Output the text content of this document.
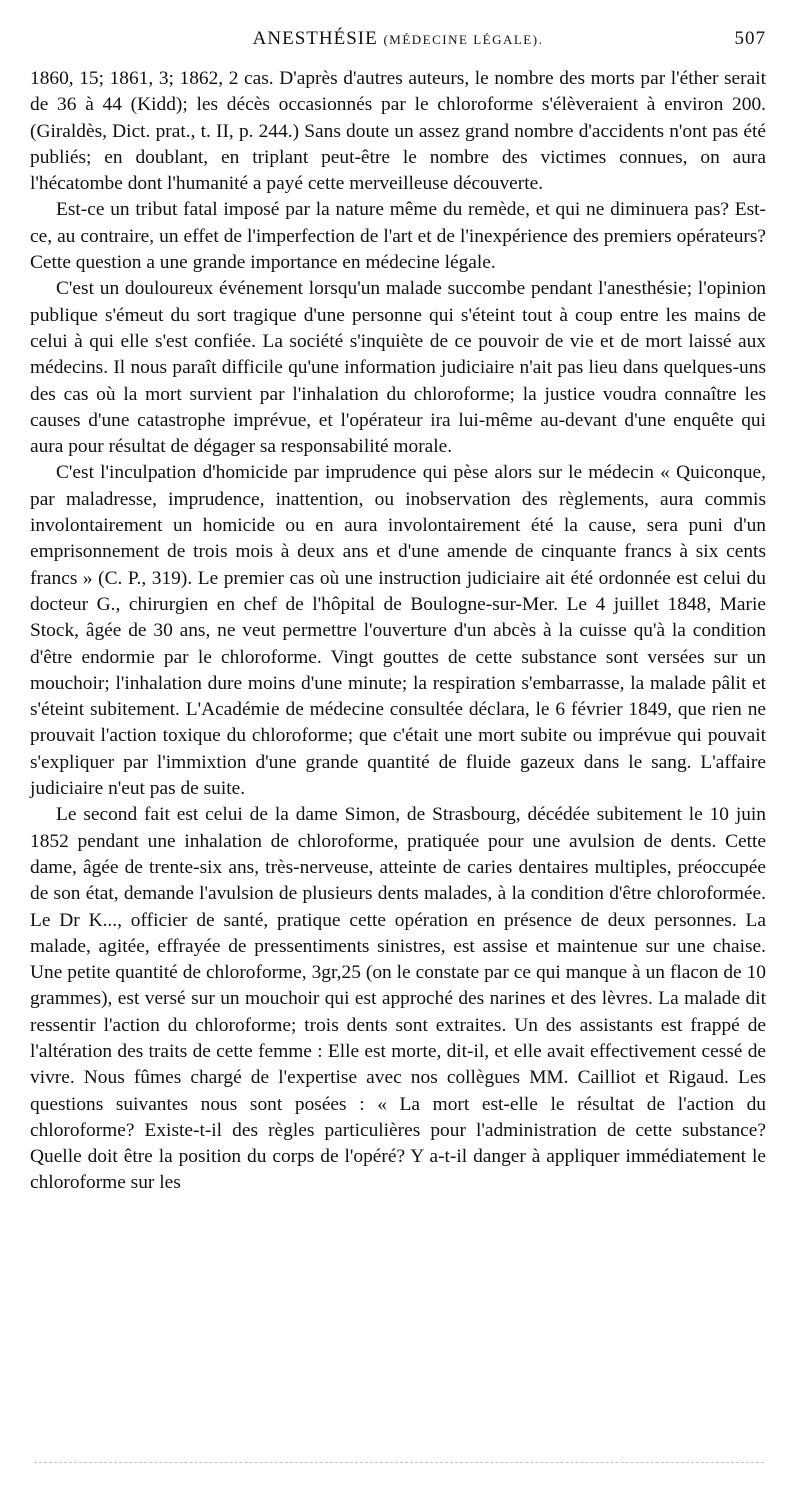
ANESTHÉSIE (MÉDECINE LÉGALE).	507

1860, 15; 1861, 3; 1862, 2 cas. D'après d'autres auteurs, le nombre des morts par l'éther serait de 36 à 44 (Kidd); les décès occasionnés par le chloroforme s'élèveraient à environ 200. (Giraldès, Dict. prat., t. II, p. 244.) Sans doute un assez grand nombre d'accidents n'ont pas été publiés; en doublant, en triplant peut-être le nombre des victimes connues, on aura l'hécatombe dont l'humanité a payé cette merveilleuse découverte.

Est-ce un tribut fatal imposé par la nature même du remède, et qui ne diminuera pas? Est-ce, au contraire, un effet de l'imperfection de l'art et de l'inexpérience des premiers opérateurs? Cette question a une grande importance en médecine légale.

C'est un douloureux événement lorsqu'un malade succombe pendant l'anesthésie; l'opinion publique s'émeut du sort tragique d'une personne qui s'éteint tout à coup entre les mains de celui à qui elle s'est confiée. La société s'inquiète de ce pouvoir de vie et de mort laissé aux médecins. Il nous paraît difficile qu'une information judiciaire n'ait pas lieu dans quelques-uns des cas où la mort survient par l'inhalation du chloroforme; la justice voudra connaître les causes d'une catastrophe imprévue, et l'opérateur ira lui-même au-devant d'une enquête qui aura pour résultat de dégager sa responsabilité morale.

C'est l'inculpation d'homicide par imprudence qui pèse alors sur le médecin « Quiconque, par maladresse, imprudence, inattention, ou inobservation des règlements, aura commis involontairement un homicide ou en aura involontairement été la cause, sera puni d'un emprisonnement de trois mois à deux ans et d'une amende de cinquante francs à six cents francs » (C. P., 319). Le premier cas où une instruction judiciaire ait été ordonnée est celui du docteur G., chirurgien en chef de l'hôpital de Boulogne-sur-Mer. Le 4 juillet 1848, Marie Stock, âgée de 30 ans, ne veut permettre l'ouverture d'un abcès à la cuisse qu'à la condition d'être endormie par le chloroforme. Vingt gouttes de cette substance sont versées sur un mouchoir; l'inhalation dure moins d'une minute; la respiration s'embarrasse, la malade pâlit et s'éteint subitement. L'Académie de médecine consultée déclara, le 6 février 1849, que rien ne prouvait l'action toxique du chloroforme; que c'était une mort subite ou imprévue qui pouvait s'expliquer par l'immixtion d'une grande quantité de fluide gazeux dans le sang. L'affaire judiciaire n'eut pas de suite.

Le second fait est celui de la dame Simon, de Strasbourg, décédée subitement le 10 juin 1852 pendant une inhalation de chloroforme, pratiquée pour une avulsion de dents. Cette dame, âgée de trente-six ans, très-nerveuse, atteinte de caries dentaires multiples, préoccupée de son état, demande l'avulsion de plusieurs dents malades, à la condition d'être chloroformée. Le Dr K..., officier de santé, pratique cette opération en présence de deux personnes. La malade, agitée, effrayée de pressentiments sinistres, est assise et maintenue sur une chaise. Une petite quantité de chloroforme, 3gr,25 (on le constate par ce qui manque à un flacon de 10 grammes), est versé sur un mouchoir qui est approché des narines et des lèvres. La malade dit ressentir l'action du chloroforme; trois dents sont extraites. Un des assistants est frappé de l'altération des traits de cette femme : Elle est morte, dit-il, et elle avait effectivement cessé de vivre. Nous fûmes chargé de l'expertise avec nos collègues MM. Cailliot et Rigaud. Les questions suivantes nous sont posées : « La mort est-elle le résultat de l'action du chloroforme? Existe-t-il des règles particulières pour l'administration de cette substance? Quelle doit être la position du corps de l'opéré? Y a-t-il danger à appliquer immédiatement le chloroforme sur les
